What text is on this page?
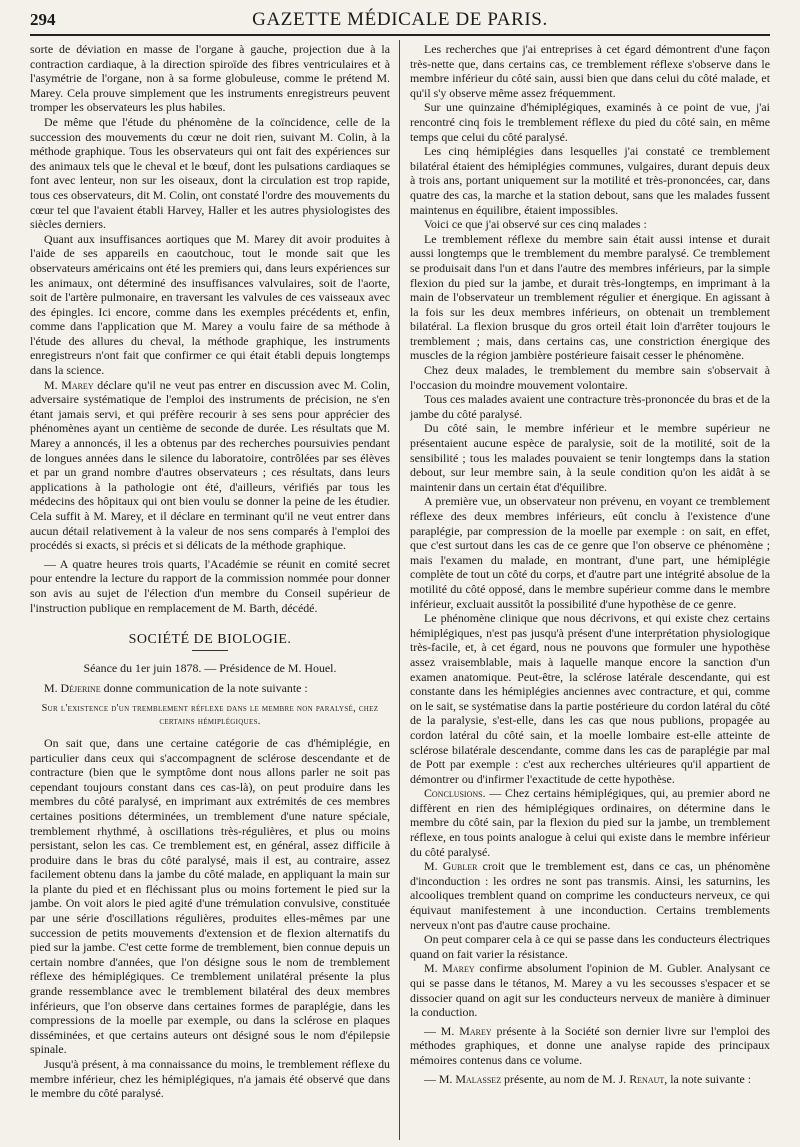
294	GAZETTE MÉDICALE DE PARIS.

sorte de déviation en masse de l'organe à gauche, projection due à la contraction cardiaque, à la direction spiroïde des fibres ventriculaires et à l'asymétrie de l'organe, non à sa forme globuleuse, comme le prétend M. Marey. Cela prouve simplement que les instruments enregistreurs peuvent tromper les observateurs les plus habiles.

De même que l'étude du phénomène de la coïncidence, celle de la succession des mouvements du cœur ne doit rien, suivant M. Colin, à la méthode graphique. Tous les observateurs qui ont fait des expériences sur des animaux tels que le cheval et le bœuf, dont les pulsations cardiaques se font avec lenteur, non sur les oiseaux, dont la circulation est trop rapide, tous ces observateurs, dit M. Colin, ont constaté l'ordre des mouvements du cœur tel que l'avaient établi Harvey, Haller et les autres physiologistes des siècles derniers.

Quant aux insuffisances aortiques que M. Marey dit avoir produites à l'aide de ses appareils en caoutchouc, tout le monde sait que les observateurs américains ont été les premiers qui, dans leurs expériences sur les animaux, ont déterminé des insuffisances valvulaires, soit de l'aorte, soit de l'artère pulmonaire, en traversant les valvules de ces vaisseaux avec des épingles. Ici encore, comme dans les exemples précédents et, enfin, comme dans l'application que M. Marey a voulu faire de sa méthode à l'étude des allures du cheval, la méthode graphique, les instruments enregistreurs n'ont fait que confirmer ce qui était établi depuis longtemps dans la science.

M. Marey déclare qu'il ne veut pas entrer en discussion avec M. Colin, adversaire systématique de l'emploi des instruments de précision, ne s'en étant jamais servi, et qui préfère recourir à ses sens pour apprécier des phénomènes ayant un centième de seconde de durée. Les résultats que M. Marey a annoncés, il les a obtenus par des recherches poursuivies pendant de longues années dans le silence du laboratoire, contrôlées par ses élèves et par un grand nombre d'autres observateurs ; ces résultats, dans leurs applications à la pathologie ont été, d'ailleurs, vérifiés par tous les médecins des hôpitaux qui ont bien voulu se donner la peine de les étudier. Cela suffit à M. Marey, et il déclare en terminant qu'il ne veut entrer dans aucun détail relativement à la valeur de nos sens comparés à l'emploi des procédés si exacts, si précis et si délicats de la méthode graphique.

— A quatre heures trois quarts, l'Académie se réunit en comité secret pour entendre la lecture du rapport de la commission nommée pour donner son avis au sujet de l'élection d'un membre du Conseil supérieur de l'instruction publique en remplacement de M. Barth, décédé.

SOCIÉTÉ DE BIOLOGIE.

Séance du 1er juin 1878. — Présidence de M. Houel.

M. Déjerine donne communication de la note suivante :

Sur l'existence d'un tremblement réflexe dans le membre non paralysé, chez certains hémiplégiques.

On sait que, dans une certaine catégorie de cas d'hémiplégie, en particulier dans ceux qui s'accompagnent de sclérose descendante et de contracture (bien que le symptôme dont nous allons parler ne soit pas cependant toujours constant dans ces cas-là), on peut produire dans les membres du côté paralysé, en imprimant aux extrémités de ces membres certaines positions déterminées, un tremblement d'une nature spéciale, tremblement rhythmé, à oscillations très-régulières, et plus ou moins persistant, selon les cas. Ce tremblement est, en général, assez difficile à produire dans le bras du côté paralysé, mais il est, au contraire, assez facilement obtenu dans la jambe du côté malade, en appliquant la main sur la plante du pied et en fléchissant plus ou moins fortement le pied sur la jambe. On voit alors le pied agité d'une trémulation convulsive, constituée par une série d'oscillations régulières, produites elles-mêmes par une succession de petits mouvements d'extension et de flexion alternatifs du pied sur la jambe. C'est cette forme de tremblement, bien connue depuis un certain nombre d'années, que l'on désigne sous le nom de tremblement réflexe des hémiplégiques. Ce tremblement unilatéral présente la plus grande ressemblance avec le tremblement bilatéral des deux membres inférieurs, que l'on observe dans certaines formes de paraplégie, dans les compressions de la moelle par exemple, ou dans la sclérose en plaques disséminées, et que certains auteurs ont désigné sous le nom d'épilepsie spinale.

Jusqu'à présent, à ma connaissance du moins, le tremblement réflexe du membre inférieur, chez les hémiplégiques, n'a jamais été observé que dans le membre du côté paralysé.

Les recherches que j'ai entreprises à cet égard démontrent d'une façon très-nette que, dans certains cas, ce tremblement réflexe s'observe dans le membre inférieur du côté sain, aussi bien que dans celui du côté malade, et qu'il s'y observe même assez fréquemment.

Sur une quinzaine d'hémiplégiques, examinés à ce point de vue, j'ai rencontré cinq fois le tremblement réflexe du pied du côté sain, en même temps que celui du côté paralysé.

Les cinq hémiplégies dans lesquelles j'ai constaté ce tremblement bilatéral étaient des hémiplégies communes, vulgaires, durant depuis deux à trois ans, portant uniquement sur la motilité et très-prononcées, car, dans quatre des cas, la marche et la station debout, sans que les malades fussent maintenus en équilibre, étaient impossibles.

Voici ce que j'ai observé sur ces cinq malades :

Le tremblement réflexe du membre sain était aussi intense et durait aussi longtemps que le tremblement du membre paralysé. Ce tremblement se produisait dans l'un et dans l'autre des membres inférieurs, par la simple flexion du pied sur la jambe, et durait très-longtemps, en imprimant à la main de l'observateur un tremblement régulier et énergique. En agissant à la fois sur les deux membres inférieurs, on obtenait un tremblement bilatéral. La flexion brusque du gros orteil était loin d'arrêter toujours le tremblement ; mais, dans certains cas, une constriction énergique des muscles de la région jambière postérieure faisait cesser le phénomène.

Chez deux malades, le tremblement du membre sain s'observait à l'occasion du moindre mouvement volontaire.

Tous ces malades avaient une contracture très-prononcée du bras et de la jambe du côté paralysé.

Du côté sain, le membre inférieur et le membre supérieur ne présentaient aucune espèce de paralysie, soit de la motilité, soit de la sensibilité ; tous les malades pouvaient se tenir longtemps dans la station debout, sur leur membre sain, à la seule condition qu'on les aidât à se maintenir dans un certain état d'équilibre.

A première vue, un observateur non prévenu, en voyant ce tremblement réflexe des deux membres inférieurs, eût conclu à l'existence d'une paraplégie, par compression de la moelle par exemple : on sait, en effet, que c'est surtout dans les cas de ce genre que l'on observe ce phénomène ; mais l'examen du malade, en montrant, d'une part, une hémiplégie complète de tout un côté du corps, et d'autre part une intégrité absolue de la motilité du côté opposé, dans le membre supérieur comme dans le membre inférieur, excluait aussitôt la possibilité d'une hypothèse de ce genre.

Le phénomène clinique que nous décrivons, et qui existe chez certains hémiplégiques, n'est pas jusqu'à présent d'une interprétation physiologique très-facile, et, à cet égard, nous ne pouvons que formuler une hypothèse assez vraisemblable, mais à laquelle manque encore la sanction d'un examen anatomique. Peut-être, la sclérose latérale descendante, qui est constante dans les hémiplégies anciennes avec contracture, et qui, comme on le sait, se systématise dans la partie postérieure du cordon latéral du côté de la paralysie, s'est-elle, dans les cas que nous publions, propagée au cordon latéral du côté sain, et la moelle lombaire est-elle atteinte de sclérose bilatérale descendante, comme dans les cas de paraplégie par mal de Pott par exemple : c'est aux recherches ultérieures qu'il appartient de démontrer ou d'infirmer l'exactitude de cette hypothèse.

Conclusions. — Chez certains hémiplégiques, qui, au premier abord ne diffèrent en rien des hémiplégiques ordinaires, on détermine dans le membre du côté sain, par la flexion du pied sur la jambe, un tremblement réflexe, en tous points analogue à celui qui existe dans le membre inférieur du côté paralysé.

M. Gubler croit que le tremblement est, dans ce cas, un phénomène d'inconduction : les ordres ne sont pas transmis. Ainsi, les saturnins, les alcooliques tremblent quand on comprime les conducteurs nerveux, ce qui équivaut manifestement à une inconduction. Certains tremblements nerveux n'ont pas d'autre cause prochaine.

On peut comparer cela à ce qui se passe dans les conducteurs électriques quand on fait varier la résistance.

M. Marey confirme absolument l'opinion de M. Gubler. Analysant ce qui se passe dans le tétanos, M. Marey a vu les secousses s'espacer et se dissocier quand on agit sur les conducteurs nerveux de manière à diminuer la conduction.

— M. Marey présente à la Société son dernier livre sur l'emploi des méthodes graphiques, et donne une analyse rapide des principaux mémoires contenus dans ce volume.

— M. Malassez présente, au nom de M. J. Renaut, la note suivante :
